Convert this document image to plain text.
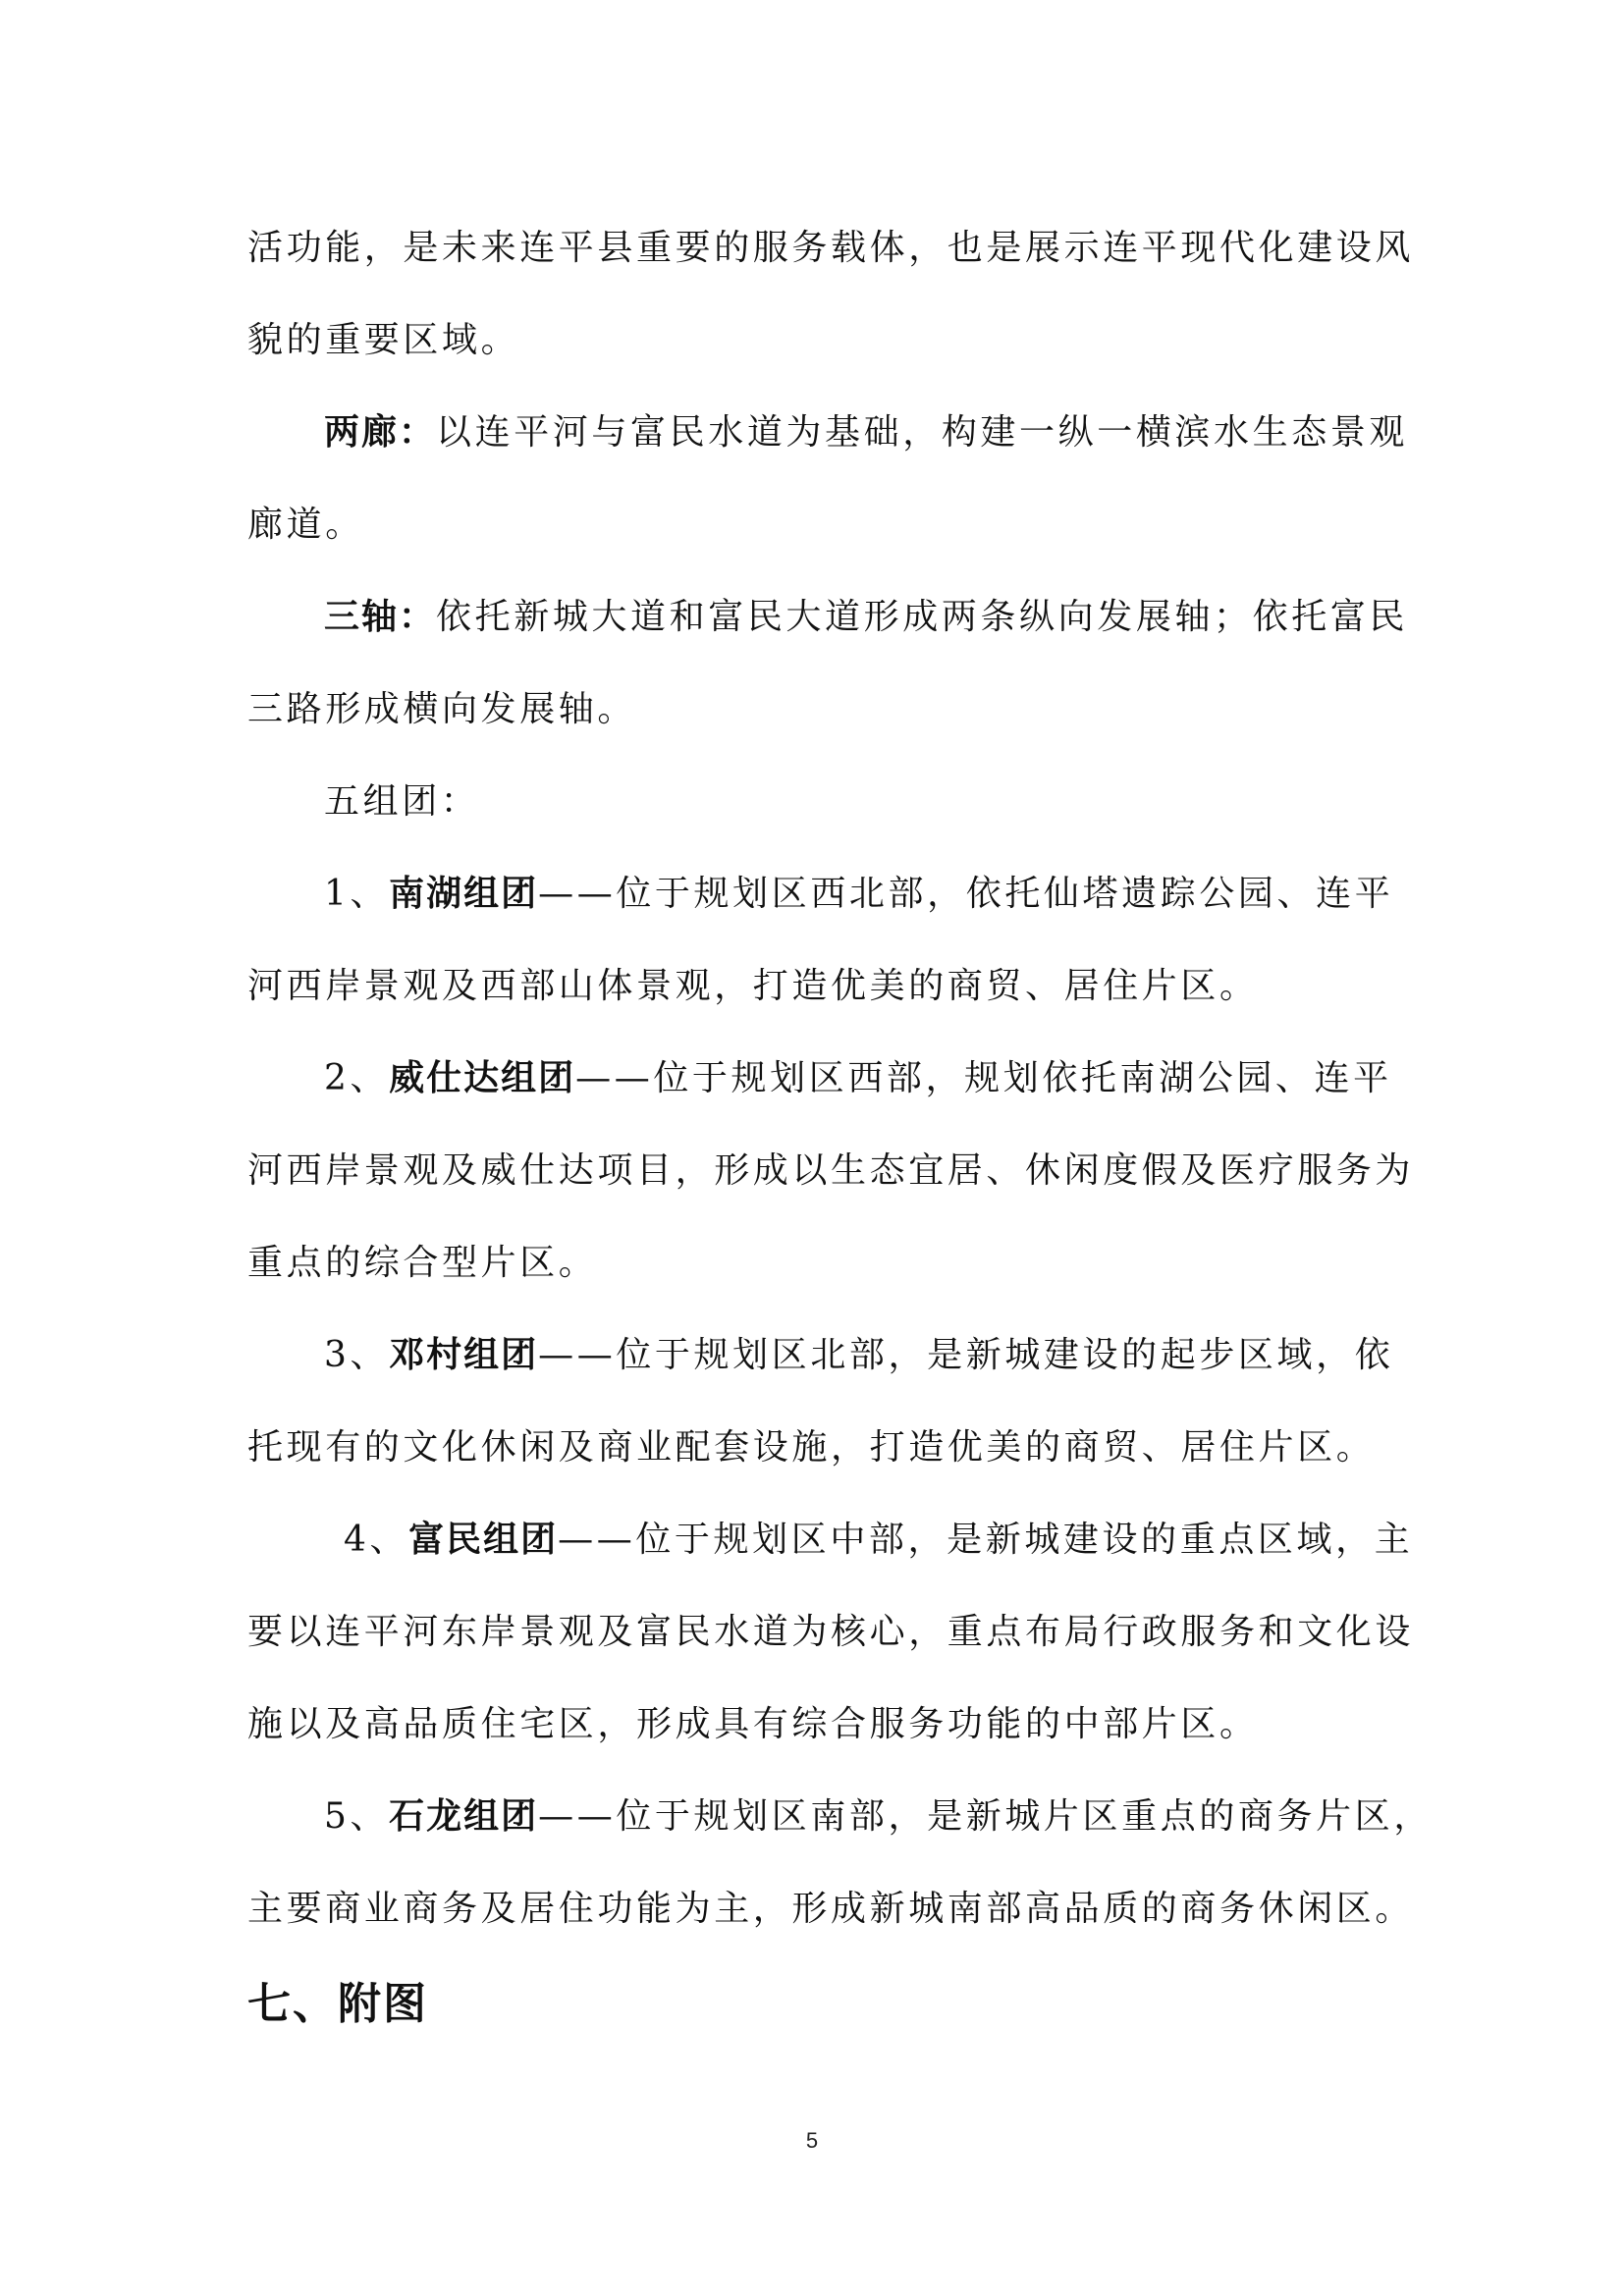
活功能，是未来连平县重要的服务载体，也是展示连平现代化建设风
貌的重要区域。
两廊：以连平河与富民水道为基础，构建一纵一横滨水生态景观
廊道。
三轴：依托新城大道和富民大道形成两条纵向发展轴；依托富民
三路形成横向发展轴。
五组团：
1、南湖组团——位于规划区西北部，依托仙塔遗踪公园、连平
河西岸景观及西部山体景观，打造优美的商贸、居住片区。
2、威仕达组团——位于规划区西部，规划依托南湖公园、连平
河西岸景观及威仕达项目，形成以生态宜居、休闲度假及医疗服务为
重点的综合型片区。
3、邓村组团——位于规划区北部，是新城建设的起步区域，依
托现有的文化休闲及商业配套设施，打造优美的商贸、居住片区。
4、富民组团——位于规划区中部，是新城建设的重点区域，主
要以连平河东岸景观及富民水道为核心，重点布局行政服务和文化设
施以及高品质住宅区，形成具有综合服务功能的中部片区。
5、石龙组团——位于规划区南部，是新城片区重点的商务片区，
主要商业商务及居住功能为主，形成新城南部高品质的商务休闲区。
七、附图
5
